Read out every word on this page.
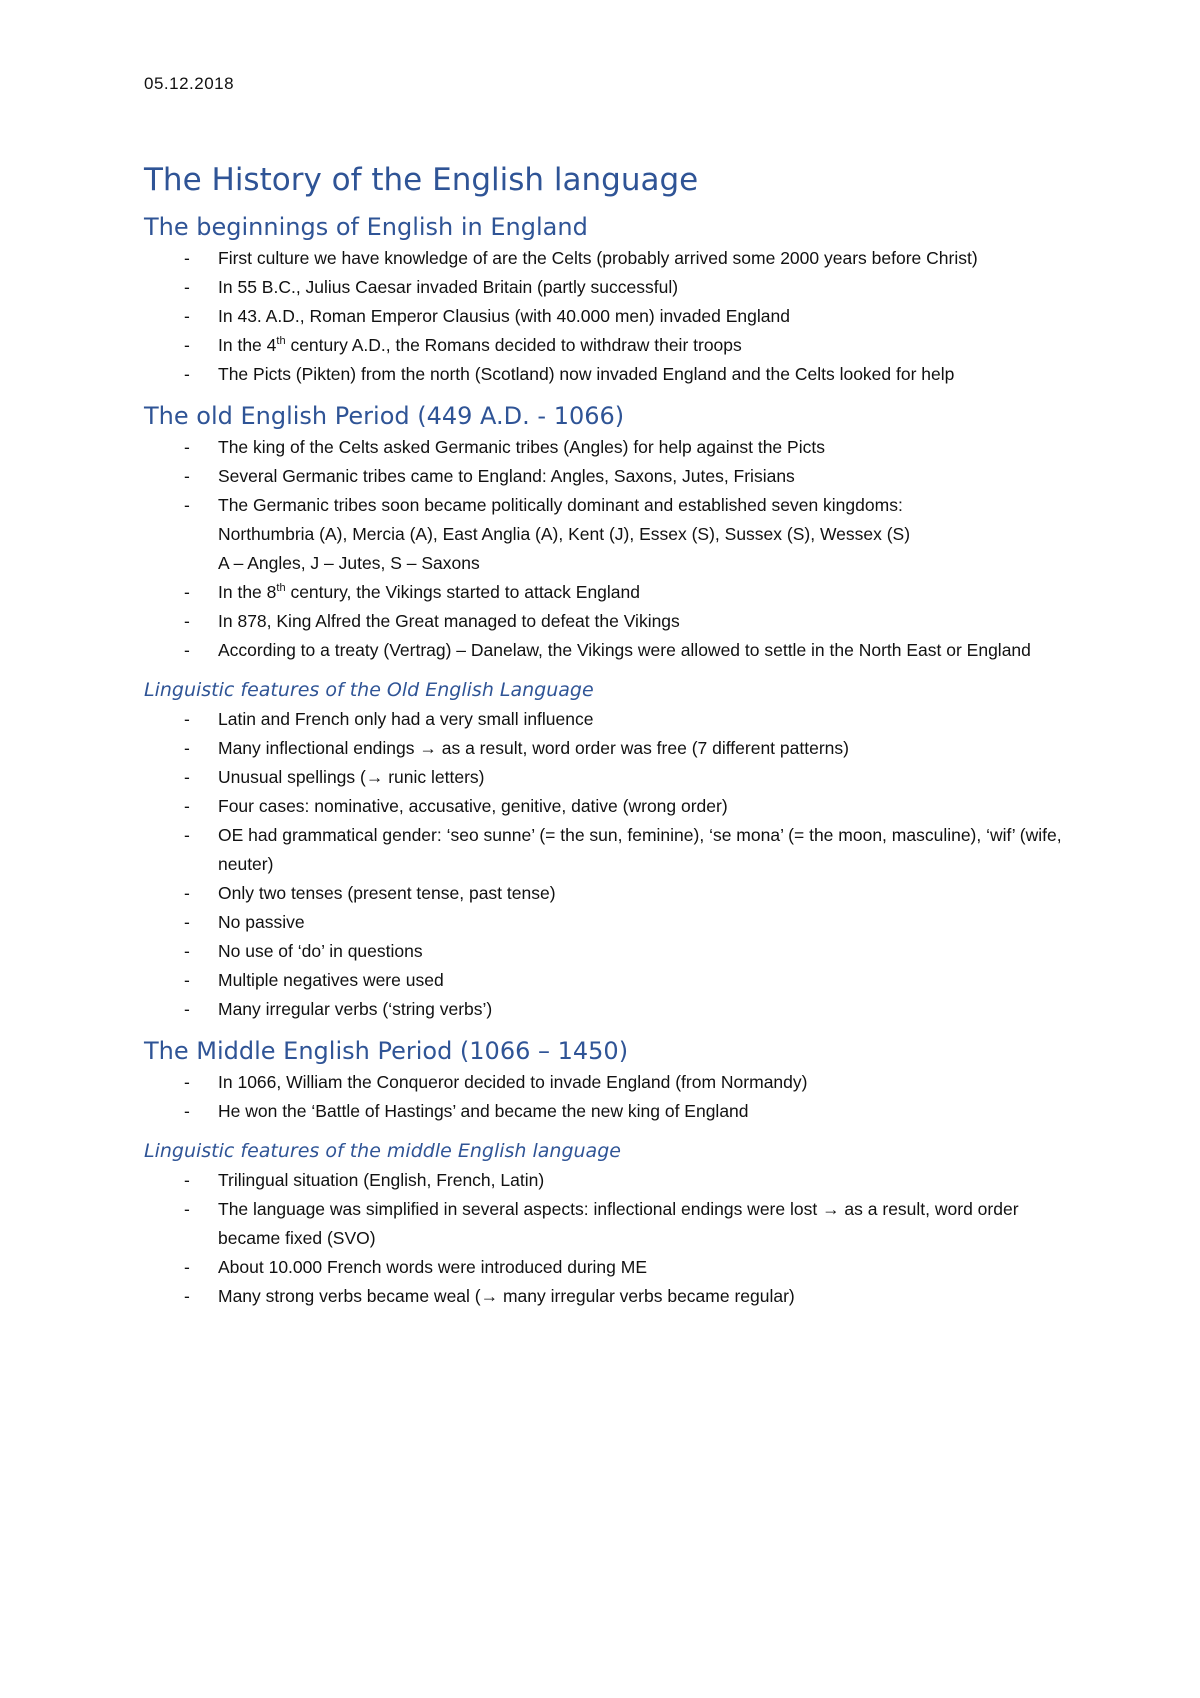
05.12.2018
The History of the English language
The beginnings of English in England
- First culture we have knowledge of are the Celts (probably arrived some 2000 years before Christ)
- In 55 B.C., Julius Caesar invaded Britain (partly successful)
- In 43. A.D., Roman Emperor Clausius (with 40.000 men) invaded England
- In the 4th century A.D., the Romans decided to withdraw their troops
- The Picts (Pikten) from the north (Scotland) now invaded England and the Celts looked for help
The old English Period (449 A.D. - 1066)
- The king of the Celts asked Germanic tribes (Angles) for help against the Picts
- Several Germanic tribes came to England: Angles, Saxons, Jutes, Frisians
- The Germanic tribes soon became politically dominant and established seven kingdoms:
Northumbria (A), Mercia (A), East Anglia (A), Kent (J), Essex (S), Sussex (S), Wessex (S)
A – Angles, J – Jutes, S – Saxons
- In the 8th century, the Vikings started to attack England
- In 878, King Alfred the Great managed to defeat the Vikings
- According to a treaty (Vertrag) – Danelaw, the Vikings were allowed to settle in the North East or England
Linguistic features of the Old English Language
- Latin and French only had a very small influence
- Many inflectional endings → as a result, word order was free (7 different patterns)
- Unusual spellings (→ runic letters)
- Four cases: nominative, accusative, genitive, dative (wrong order)
- OE had grammatical gender: ‘seo sunne’ (= the sun, feminine), ‘se mona’ (= the moon, masculine), ‘wif’ (wife, neuter)
- Only two tenses (present tense, past tense)
- No passive
- No use of ‘do’ in questions
- Multiple negatives were used
- Many irregular verbs (‘string verbs’)
The Middle English Period (1066 – 1450)
- In 1066, William the Conqueror decided to invade England (from Normandy)
- He won the ‘Battle of Hastings’ and became the new king of England
Linguistic features of the middle English language
- Trilingual situation (English, French, Latin)
- The language was simplified in several aspects: inflectional endings were lost → as a result, word order became fixed (SVO)
- About 10.000 French words were introduced during ME
- Many strong verbs became weal (→ many irregular verbs became regular)
